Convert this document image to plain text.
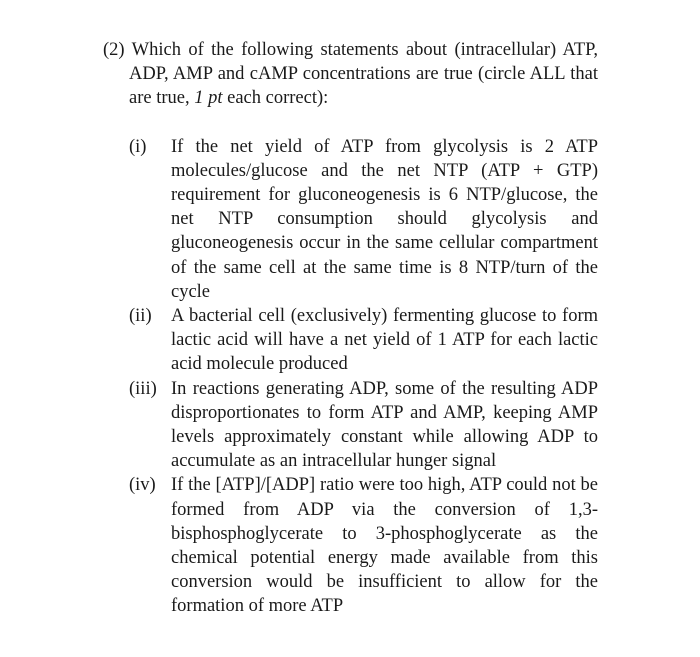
(2) Which of the following statements about (intracellular) ATP, ADP, AMP and cAMP concentrations are true (circle ALL that are true, 1 pt each correct):

(i)	If the net yield of ATP from glycolysis is 2 ATP molecules/glucose and the net NTP (ATP + GTP) requirement for gluconeogenesis is 6 NTP/glucose, the net NTP consumption should glycolysis and gluconeogenesis occur in the same cellular compartment of the same cell at the same time is 8 NTP/turn of the cycle
(ii)	A bacterial cell (exclusively) fermenting glucose to form lactic acid will have a net yield of 1 ATP for each lactic acid molecule produced
(iii) In reactions generating ADP, some of the resulting ADP disproportionates to form ATP and AMP, keeping AMP levels approximately constant while allowing ADP to accumulate as an intracellular hunger signal
(iv) If the [ATP]/[ADP] ratio were too high, ATP could not be formed from ADP via the conversion of 1,3-bisphosphoglycerate to 3-phosphoglycerate as the chemical potential energy made available from this conversion would be insufficient to allow for the formation of more ATP
